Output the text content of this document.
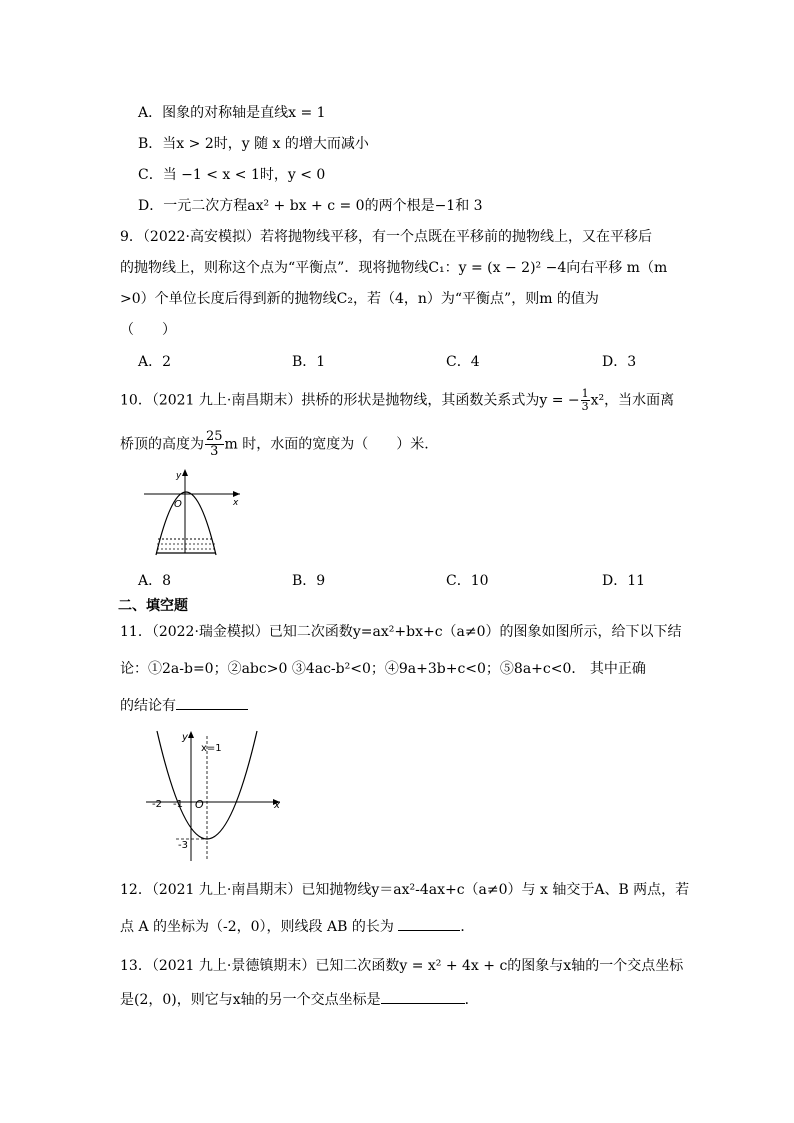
A．图象的对称轴是直线x = 1
B．当x > 2时，y 随 x 的增大而减小
C．当 −1 < x < 1时，y < 0
D．一元二次方程ax² + bx + c = 0的两个根是−1和 3
9．（2022·高安模拟）若将抛物线平移，有一个点既在平移前的抛物线上，又在平移后
的抛物线上，则称这个点为“平衡点”．现将抛物线C₁：y = (x − 2)² −4向右平移 m（m
>0）个单位长度后得到新的抛物线C₂，若（4，n）为“平衡点”，则m 的值为
（　　）
A．2	B．1	C．4	D．3
10．（2021 九上·南昌期末）拱桥的形状是抛物线，其函数关系式为y = − $\frac{1}{3} x^2$，当水面离
桥顶的高度为 $\frac{25}{3}$ m 时，水面的宽度为（　　）米.
y
x
O
A．8	B．9	C．10	D．11
二、填空题
11．（2022·瑞金模拟）已知二次函数y=ax²+bx+c（a≠0）的图象如图所示，给下以下结
论：①2a-b=0；②abc>0 ③4ac-b²<0；④9a+3b+c<0；⑤8a+c<0． 其中正确
的结论有
y
x=1
-2 -1 O	x
-3
12．（2021 九上·南昌期末）已知抛物线y＝ax²-4ax+c（a≠0）与 x 轴交于A、B 两点，若
点 A 的坐标为（-2，0），则线段 AB 的长为	．
13．（2021 九上·景德镇期末）已知二次函数y = x² + 4x + c的图象与x轴的一个交点坐标
是(2，0)，则它与x轴的另一个交点坐标是	．
